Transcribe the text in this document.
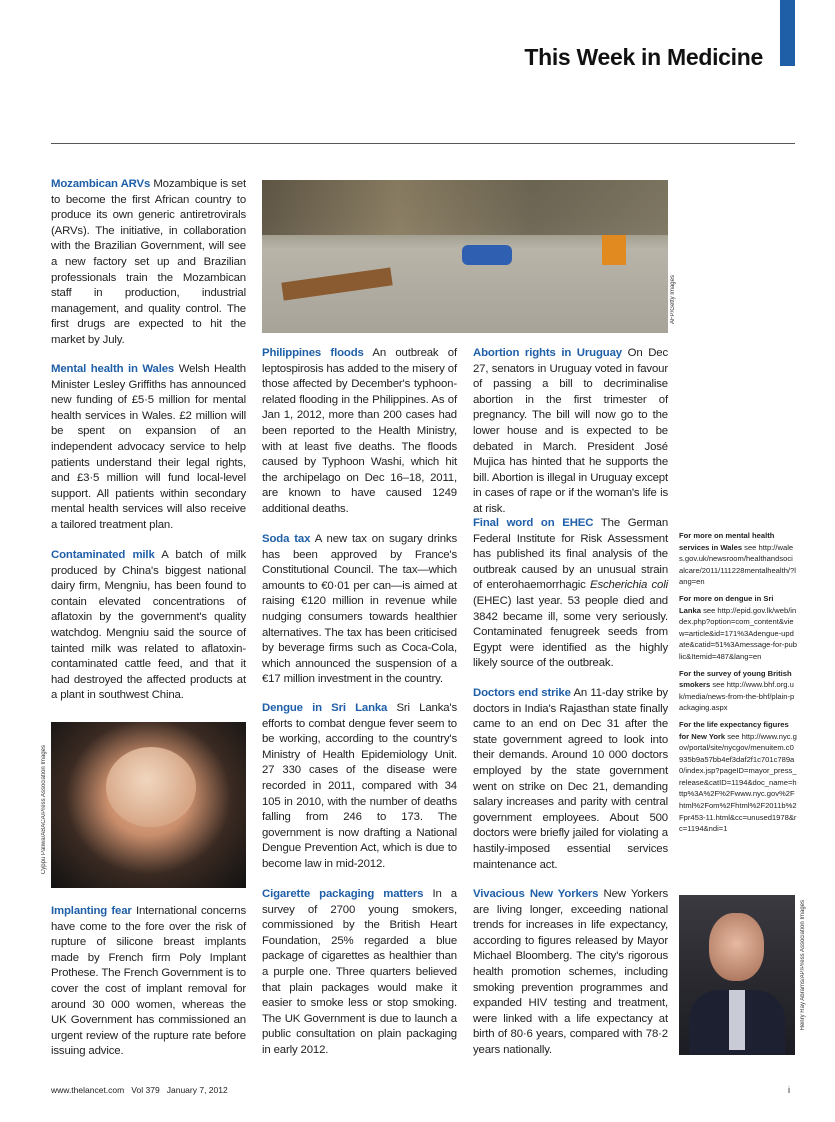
This Week in Medicine

Mozambican ARVs Mozambique is set to become the first African country to produce its own generic antiretrovirals (ARVs). The initiative, in collaboration with the Brazilian Government, will see a new factory set up and Brazilian professionals train the Mozambican staff in production, industrial management, and quality control. The first drugs are expected to hit the market by July.

Mental health in Wales Welsh Health Minister Lesley Griffiths has announced new funding of £5·5 million for mental health services in Wales. £2 million will be spent on expansion of an independent advocacy service to help patients understand their legal rights, and £3·5 million will fund local-level support. All patients within secondary mental health services will also receive a tailored treatment plan.

Contaminated milk A batch of milk produced by China's biggest national dairy firm, Mengniu, has been found to contain elevated concentrations of aflatoxin by the government's quality watchdog. Mengniu said the source of tainted milk was related to aflatoxin-contaminated cattle feed, and that it had destroyed the affected products at a plant in southwest China.

Cyppu Paliwa/ABACA/Press Association Images

Implanting fear International concerns have come to the fore over the risk of rupture of silicone breast implants made by French firm Poly Implant Prothese. The French Government is to cover the cost of implant removal for around 30 000 women, whereas the UK Government has commissioned an urgent review of the rupture rate before issuing advice.

AFP/Getty Images

Philippines floods An outbreak of leptospirosis has added to the misery of those affected by December's typhoon-related flooding in the Philippines. As of Jan 1, 2012, more than 200 cases had been reported to the Health Ministry, with at least five deaths. The floods caused by Typhoon Washi, which hit the archipelago on Dec 16–18, 2011, are known to have caused 1249 additional deaths.

Soda tax A new tax on sugary drinks has been approved by France's Constitutional Council. The tax—which amounts to €0·01 per can—is aimed at raising €120 million in revenue while nudging consumers towards healthier alternatives. The tax has been criticised by beverage firms such as Coca-Cola, which announced the suspension of a €17 million investment in the country.

Dengue in Sri Lanka Sri Lanka's efforts to combat dengue fever seem to be working, according to the country's Ministry of Health Epidemiology Unit. 27 330 cases of the disease were recorded in 2011, compared with 34 105 in 2010, with the number of deaths falling from 246 to 173. The government is now drafting a National Dengue Prevention Act, which is due to become law in mid-2012.

Cigarette packaging matters In a survey of 2700 young smokers, commissioned by the British Heart Foundation, 25% regarded a blue package of cigarettes as healthier than a purple one. Three quarters believed that plain packages would make it easier to smoke less or stop smoking. The UK Government is due to launch a public consultation on plain packaging in early 2012.

Abortion rights in Uruguay On Dec 27, senators in Uruguay voted in favour of passing a bill to decriminalise abortion in the first trimester of pregnancy. The bill will now go to the lower house and is expected to be debated in March. President José Mujica has hinted that he supports the bill. Abortion is illegal in Uruguay except in cases of rape or if the woman's life is at risk.

Final word on EHEC The German Federal Institute for Risk Assessment has published its final analysis of the outbreak caused by an unusual strain of enterohaemorrhagic Escherichia coli (EHEC) last year. 53 people died and 3842 became ill, some very seriously. Contaminated fenugreek seeds from Egypt were identified as the highly likely source of the outbreak.

Doctors end strike An 11-day strike by doctors in India's Rajasthan state finally came to an end on Dec 31 after the state government agreed to look into their demands. Around 10 000 doctors employed by the state government went on strike on Dec 21, demanding salary increases and parity with central government employees. About 500 doctors were briefly jailed for violating a hastily-imposed essential services maintenance act.

Vivacious New Yorkers New Yorkers are living longer, exceeding national trends for increases in life expectancy, according to figures released by Mayor Michael Bloomberg. The city's rigorous health promotion schemes, including smoking prevention programmes and expanded HIV testing and treatment, were linked with a life expectancy at birth of 80·6 years, compared with 78·2 years nationally.

For more on mental health services in Wales see http://wales.gov.uk/newsroom/healthandsocialcare/2011/111228mentalhealth/?lang=en

For more on dengue in Sri Lanka see http://epid.gov.lk/web/index.php?option=com_content&view=article&id=171%3Adengue-update&catid=51%3Amessage-for-public&Itemid=487&lang=en

For the survey of young British smokers see http://www.bhf.org.uk/media/news-from-the-bhf/plain-packaging.aspx

For the life expectancy figures for New York see http://www.nyc.gov/portal/site/nycgov/menuitem.c0935b9a57bb4ef3daf2f1c701c789a0/index.jsp?pageID=mayor_press_release&catID=1194&doc_name=http%3A%2F%2Fwww.nyc.gov%2Fhtml%2Fom%2Fhtml%2F2011b%2Fpr453-11.html&cc=unused1978&rc=1194&ndi=1

Henry Ray Abrams/AP/Press Association Images
www.thelancet.com   Vol 379   January 7, 2012	i
